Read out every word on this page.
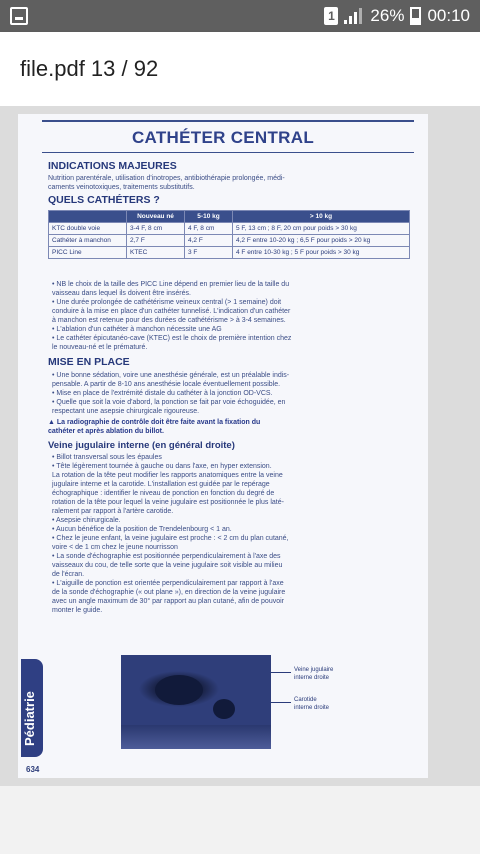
1 26% 00:10
file.pdf 13 / 92
CATHÉTER CENTRAL
INDICATIONS MAJEURES
Nutrition parentérale, utilisation d'inotropes, antibiothérapie prolongée, médi-
caments veinotoxiques, traitements substitutifs.
QUELS CATHÉTERS ?
	Nouveau né	5-10 kg	> 10 kg
KTC double voie	3-4 F, 8 cm	4 F, 8 cm	5 F, 13 cm ; 8 F, 20 cm pour poids > 30 kg
Cathéter à manchon	2,7 F	4,2 F	4,2 F entre 10-20 kg ; 6,5 F pour poids > 20 kg
PICC Line	KTEC	3 F	4 F entre 10-30 kg ; 5 F pour poids > 30 kg
• NB le choix de la taille des PICC Line dépend en premier lieu de la taille du
vaisseau dans lequel ils doivent être insérés.
• Une durée prolongée de cathétérisme veineux central (> 1 semaine) doit
conduire à la mise en place d'un cathéter tunnelisé. L'indication d'un cathéter
à manchon est retenue pour des durées de cathétérisme > à 3-4 semaines.
• L'ablation d'un cathéter à manchon nécessite une AG
• Le cathéter épicutanéo-cave (KTEC) est le choix de première intention chez
le nouveau-né et le prématuré.
MISE EN PLACE
• Une bonne sédation, voire une anesthésie générale, est un préalable indis-
pensable. A partir de 8-10 ans anesthésie locale éventuellement possible.
• Mise en place de l'extrémité distale du cathéter à la jonction OD-VCS.
• Quelle que soit la voie d'abord, la ponction se fait par voie échoguidée, en
respectant une asepsie chirurgicale rigoureuse.
▲ La radiographie de contrôle doit être faite avant la fixation du
cathéter et après ablation du billot.
Veine jugulaire interne (en général droite)
• Billot transversal sous les épaules
• Tête légèrement tournée à gauche ou dans l'axe, en hyper extension.
La rotation de la tête peut modifier les rapports anatomiques entre la veine
jugulaire interne et la carotide. L'installation est guidée par le repérage
échographique : identifier le niveau de ponction en fonction du degré de
rotation de la tête pour lequel la veine jugulaire est positionnée le plus laté-
ralement par rapport à l'artère carotide.
• Asepsie chirurgicale.
• Aucun bénéfice de la position de Trendelenbourg < 1 an.
• Chez le jeune enfant, la veine jugulaire est proche : < 2 cm du plan cutané,
voire < de 1 cm chez le jeune nourrisson
• La sonde d'échographie est positionnée perpendiculairement à l'axe des
vaisseaux du cou, de telle sorte que la veine jugulaire soit visible au milieu
de l'écran.
• L'aiguille de ponction est orientée perpendiculairement par rapport à l'axe
de la sonde d'échographie (« out plane »), en direction de la veine jugulaire
avec un angle maximum de 30° par rapport au plan cutané, afin de pouvoir
monter le guide.
Veine jugulaire
interne droite
Carotide
interne droite
Pédiatrie
634
